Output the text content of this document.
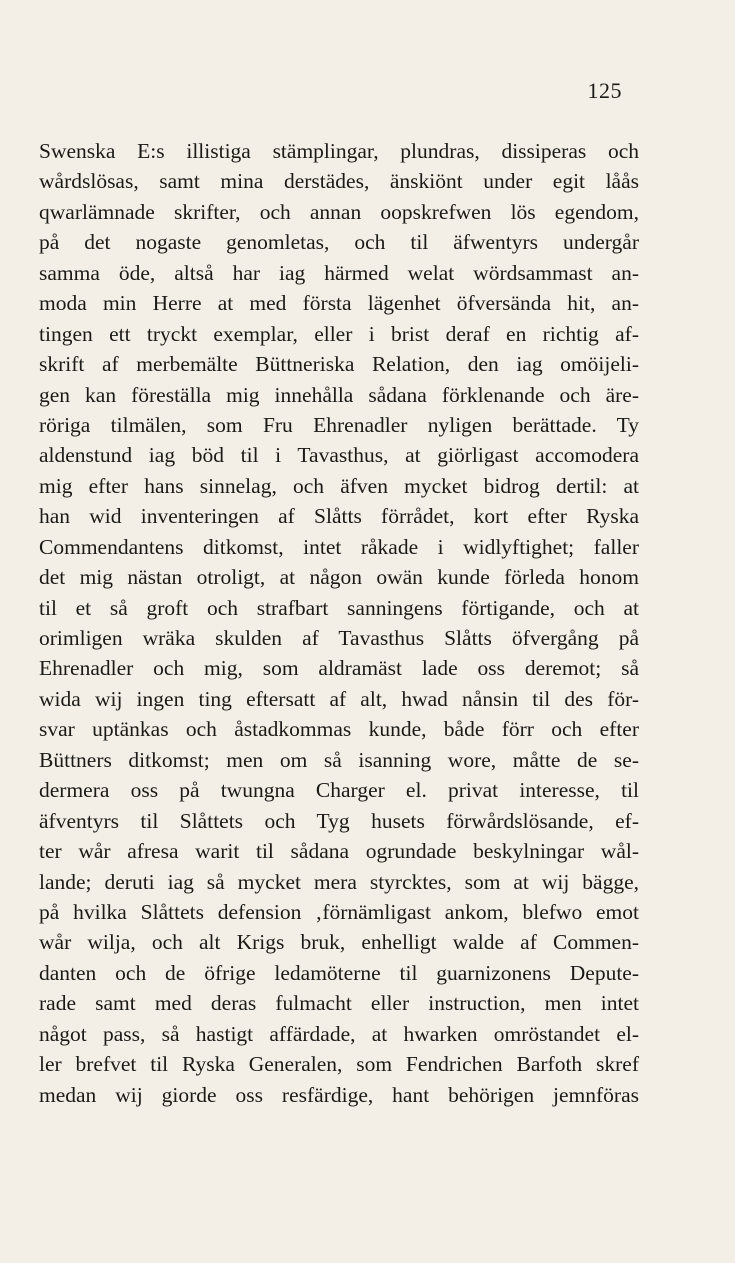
125
Swenska E:s illistiga stämplingar, plundras, dissiperas och
wårdslösas, samt mina derstädes, änskiönt under egit låås
qwarlämnade skrifter, och annan oopskrefwen lös egendom,
på det nogaste genomletas, och til äfwentyrs undergår
samma öde, altså har iag härmed welat wördsammast an-
moda min Herre at med första lägenhet öfversända hit, an-
tingen ett tryckt exemplar, eller i brist deraf en richtig af-
skrift af merbemälte Büttneriska Relation, den iag omöijeli-
gen kan föreställa mig innehålla sådana förklenande och äre-
röriga tilmälen, som Fru Ehrenadler nyligen berättade. Ty
aldenstund iag böd til i Tavasthus, at giörligast accomodera
mig efter hans sinnelag, och äfven mycket bidrog dertil: at
han wid inventeringen af Slåtts förrådet, kort efter Ryska
Commendantens ditkomst, intet råkade i widlyftighet; faller
det mig nästan otroligt, at någon owän kunde förleda honom
til et så groft och strafbart sanningens förtigande, och at
orimligen wräka skulden af Tavasthus Slåtts öfvergång på
Ehrenadler och mig, som aldramäst lade oss deremot; så
wida wij ingen ting eftersatt af alt, hwad nånsin til des för-
svar uptänkas och åstadkommas kunde, både förr och efter
Büttners ditkomst; men om så isanning wore, måtte de se-
dermera oss på twungna Charger el. privat interesse, til
äfventyrs til Slåttets och Tyg husets förwårdslösande, ef-
ter wår afresa warit til sådana ogrundade beskylningar wål-
lande; deruti iag så mycket mera styrcktes, som at wij bägge,
på hvilka Slåttets defension ‚förnämligast ankom, blefwo emot
wår wilja, och alt Krigs bruk, enhelligt walde af Commen-
danten och de öfrige ledamöterne til guarnizonens Depute-
rade samt med deras fulmacht eller instruction, men intet
något pass, så hastigt affärdade, at hwarken omröstandet el-
ler brefvet til Ryska Generalen, som Fendrichen Barfoth skref
medan wij giorde oss resfärdige, hant behörigen jemnföras
